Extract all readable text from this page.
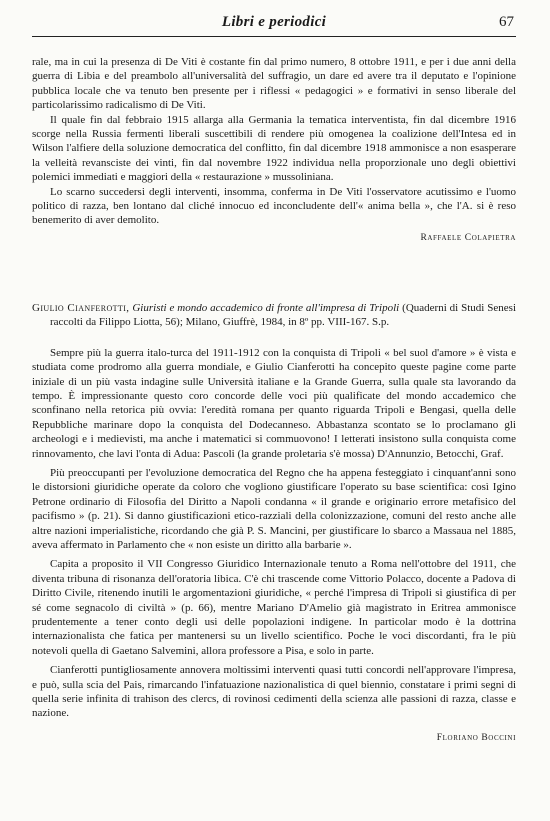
Libri e periodici	67

rale, ma in cui la presenza di De Viti è costante fin dal primo numero, 8 ottobre 1911, e per i due anni della guerra di Libia e del preambolo all'universalità del suffragio, un dare ed avere tra il deputato e l'opinione pubblica locale che va tenuto ben presente per i riflessi « pedagogici » e formativi in senso liberale del particolarissimo radicalismo di De Viti.

Il quale fin dal febbraio 1915 allarga alla Germania la tematica interventista, fin dal dicembre 1916 scorge nella Russia fermenti liberali suscettibili di rendere più omogenea la coalizione dell'Intesa ed in Wilson l'alfiere della soluzione democratica del conflitto, fin dal dicembre 1918 ammonisce a non esasperare la velleità revansciste dei vinti, fin dal novembre 1922 individua nella proporzionale uno degli obiettivi polemici immediati e maggiori della « restaurazione » mussoliniana.

Lo scarno succedersi degli interventi, insomma, conferma in De Viti l'osservatore acutissimo e l'uomo politico di razza, ben lontano dal cliché innocuo ed inconcludente dell'« anima bella », che l'A. si è reso benemerito di aver demolito.

Raffaele Colapietra
Giulio Cianferotti, Giuristi e mondo accademico di fronte all'impresa di Tripoli (Quaderni di Studi Senesi raccolti da Filippo Liotta, 56); Milano, Giuffrè, 1984, in 8º pp. VIII-167. S.p.

Sempre più la guerra italo-turca del 1911-1912 con la conquista di Tripoli « bel suol d'amore » è vista e studiata come prodromo alla guerra mondiale, e Giulio Cianferotti ha concepito queste pagine come parte iniziale di un più vasta indagine sulle Università italiane e la Grande Guerra, sulla quale sta lavorando da tempo. È impressionante questo coro concorde delle voci più qualificate del mondo accademico che sconfinano nella retorica più ovvia: l'eredità romana per quanto riguarda Tripoli e Bengasi, quella delle Repubbliche marinare dopo la conquista del Dodecanneso. Abbastanza scontato se lo proclamano gli archeologi e i medievisti, ma anche i matematici si commuovono! I letterati insistono sulla conquista come rinnovamento, che lavi l'onta di Adua: Pascoli (la grande proletaria s'è mossa) D'Annunzio, Betocchi, Graf.

Più preoccupanti per l'evoluzione democratica del Regno che ha appena festeggiato i cinquant'anni sono le distorsioni giuridiche operate da coloro che vogliono giustificare l'operato su base scientifica: così Igino Petrone ordinario di Filosofia del Diritto a Napoli condanna « il grande e originario errore metafisico del pacifismo » (p. 21). Si danno giustificazioni etico-razziali della colonizzazione, comuni del resto anche alle altre nazioni imperialistiche, ricordando che già P. S. Mancini, per giustificare lo sbarco a Massaua nel 1885, aveva affermato in Parlamento che « non esiste un diritto alla barbarie ».

Capita a proposito il VII Congresso Giuridico Internazionale tenuto a Roma nell'ottobre del 1911, che diventa tribuna di risonanza dell'oratoria libica. C'è chi trascende come Vittorio Polacco, docente a Padova di Diritto Civile, ritenendo inutili le argomentazioni giuridiche, « perché l'impresa di Tripoli si giustifica di per sé come segnacolo di civiltà » (p. 66), mentre Mariano D'Amelio già magistrato in Eritrea ammonisce prudentemente a tener conto degli usi delle popolazioni indigene. In particolar modo è la dottrina internazionalista che fatica per mantenersi su un livello scientifico. Poche le voci discordanti, fra le più notevoli quella di Gaetano Salvemini, allora professore a Pisa, e solo in parte.

Cianferotti puntigliosamente annovera moltissimi interventi quasi tutti concordi nell'approvare l'impresa, e può, sulla scia del Pais, rimarcando l'infatuazione nazionalistica di quel biennio, constatare i primi segni di quella serie infinita di trahison des clercs, di rovinosi cedimenti della scienza alle passioni di razza, classe e nazione.

Floriano Boccini
